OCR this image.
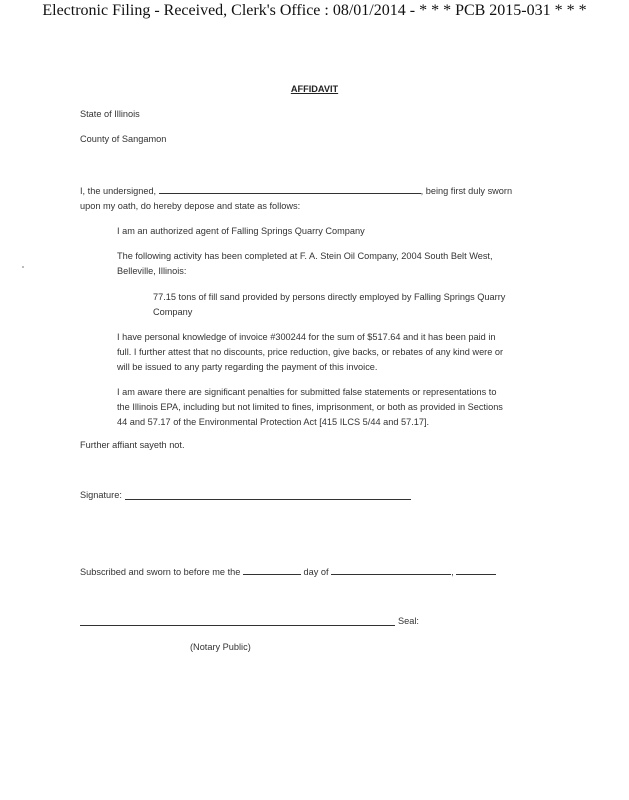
Electronic Filing - Received, Clerk's Office : 08/01/2014 - * * * PCB 2015-031 * * *
AFFIDAVIT
State of Illinois
County of Sangamon
I, the undersigned,	, being first duly sworn
upon my oath, do hereby depose and state as follows:
I am an authorized agent of Falling Springs Quarry Company
The following activity has been completed at F. A. Stein Oil Company, 2004 South Belt West,
Belleville, Illinois:
77.15 tons of fill sand provided by persons directly employed by Falling Springs Quarry
Company
I have personal knowledge of invoice #300244 for the sum of $517.64 and it has been paid in
full. I further attest that no discounts, price reduction, give backs, or rebates of any kind were or
will be issued to any party regarding the payment of this invoice.
I am aware there are significant penalties for submitted false statements or representations to
the Illinois EPA, including but not limited to fines, imprisonment, or both as provided in Sections
44 and 57.17 of the Environmental Protection Act [415 ILCS 5/44 and 57.17].
Further affiant sayeth not.
Signature:
Subscribed and sworn to before me the	day of	,
Seal:
(Notary Public)
